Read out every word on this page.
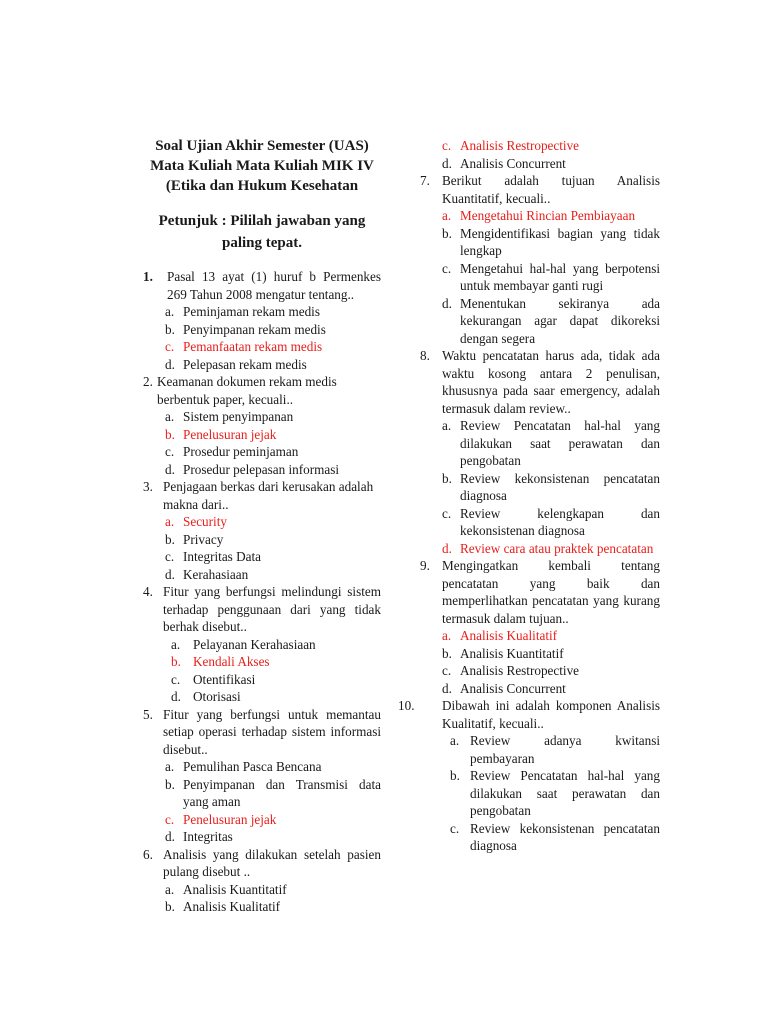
Soal Ujian Akhir Semester (UAS) Mata Kuliah Mata Kuliah MIK IV (Etika dan Hukum Kesehatan

Petunjuk : Pililah jawaban yang paling tepat.

1.	Pasal 13 ayat (1) huruf b Permenkes 269 Tahun 2008 mengatur tentang..
a. Peminjaman rekam medis
b. Penyimpanan rekam medis
c. Pemanfaatan rekam medis
d. Pelepasan rekam medis
2. Keamanan dokumen rekam medis berbentuk paper, kecuali..
a. Sistem penyimpanan
b. Penelusuran jejak
c. Prosedur peminjaman
d. Prosedur pelepasan informasi
3. Penjagaan berkas dari kerusakan adalah makna dari..
a. Security
b. Privacy
c. Integritas Data
d. Kerahasiaan
4. Fitur yang berfungsi melindungi sistem terhadap penggunaan dari yang tidak berhak disebut..
a. Pelayanan Kerahasiaan
b. Kendali Akses
c. Otentifikasi
d. Otorisasi
5. Fitur yang berfungsi untuk memantau setiap operasi terhadap sistem informasi disebut..
a. Pemulihan Pasca Bencana
b. Penyimpanan dan Transmisi data yang aman
c. Penelusuran jejak
d. Integritas
6. Analisis yang dilakukan setelah pasien pulang disebut ..
a. Analisis Kuantitatif
b. Analisis Kualitatif
c. Analisis Restropective
d. Analisis Concurrent
7. Berikut adalah tujuan Analisis Kuantitatif, kecuali..
a. Mengetahui Rincian Pembiayaan
b. Mengidentifikasi bagian yang tidak lengkap
c. Mengetahui hal-hal yang berpotensi untuk membayar ganti rugi
d. Menentukan sekiranya ada kekurangan agar dapat dikoreksi dengan segera
8. Waktu pencatatan harus ada, tidak ada waktu kosong antara 2 penulisan, khususnya pada saar emergency, adalah termasuk dalam review..
a. Review Pencatatan hal-hal yang dilakukan saat perawatan dan pengobatan
b. Review kekonsistenan pencatatan diagnosa
c. Review kelengkapan dan kekonsistenan diagnosa
d. Review cara atau praktek pencatatan
9. Mengingatkan kembali tentang pencatatan yang baik dan memperlihatkan pencatatan yang kurang termasuk dalam tujuan..
a. Analisis Kualitatif
b. Analisis Kuantitatif
c. Analisis Restropective
d. Analisis Concurrent
10.	Dibawah ini adalah komponen Analisis Kualitatif, kecuali..
a. Review adanya kwitansi pembayaran
b. Review Pencatatan hal-hal yang dilakukan saat perawatan dan pengobatan
c. Review kekonsistenan pencatatan diagnosa
